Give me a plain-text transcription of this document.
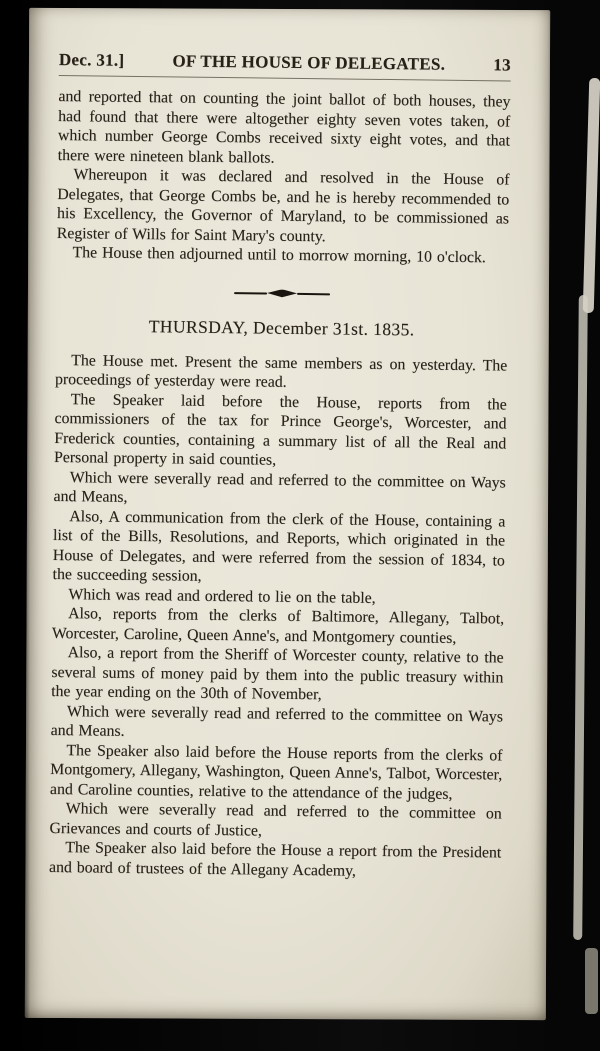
Dec. 31.]	OF THE HOUSE OF DELEGATES.	13

and reported that on counting the joint ballot of both houses, they had found that there were altogether eighty seven votes taken, of which number George Combs received sixty eight votes, and that there were nineteen blank ballots.

Whereupon it was declared and resolved in the House of Delegates, that George Combs be, and he is hereby recommended to his Excellency, the Governor of Maryland, to be commissioned as Register of Wills for Saint Mary's county.

The House then adjourned until to morrow morning, 10 o'clock.

THURSDAY, December 31st. 1835.

The House met. Present the same members as on yesterday. The proceedings of yesterday were read.

The Speaker laid before the House, reports from the commissioners of the tax for Prince George's, Worcester, and Frederick counties, containing a summary list of all the Real and Personal property in said counties,

Which were severally read and referred to the committee on Ways and Means,

Also, A communication from the clerk of the House, containing a list of the Bills, Resolutions, and Reports, which originated in the House of Delegates, and were referred from the session of 1834, to the succeeding session,

Which was read and ordered to lie on the table,

Also, reports from the clerks of Baltimore, Allegany, Talbot, Worcester, Caroline, Queen Anne's, and Montgomery counties,

Also, a report from the Sheriff of Worcester county, relative to the several sums of money paid by them into the public treasury within the year ending on the 30th of November,

Which were severally read and referred to the committee on Ways and Means.

The Speaker also laid before the House reports from the clerks of Montgomery, Allegany, Washington, Queen Anne's, Talbot, Worcester, and Caroline counties, relative to the attendance of the judges,

Which were severally read and referred to the committee on Grievances and courts of Justice,

The Speaker also laid before the House a report from the President and board of trustees of the Allegany Academy,
